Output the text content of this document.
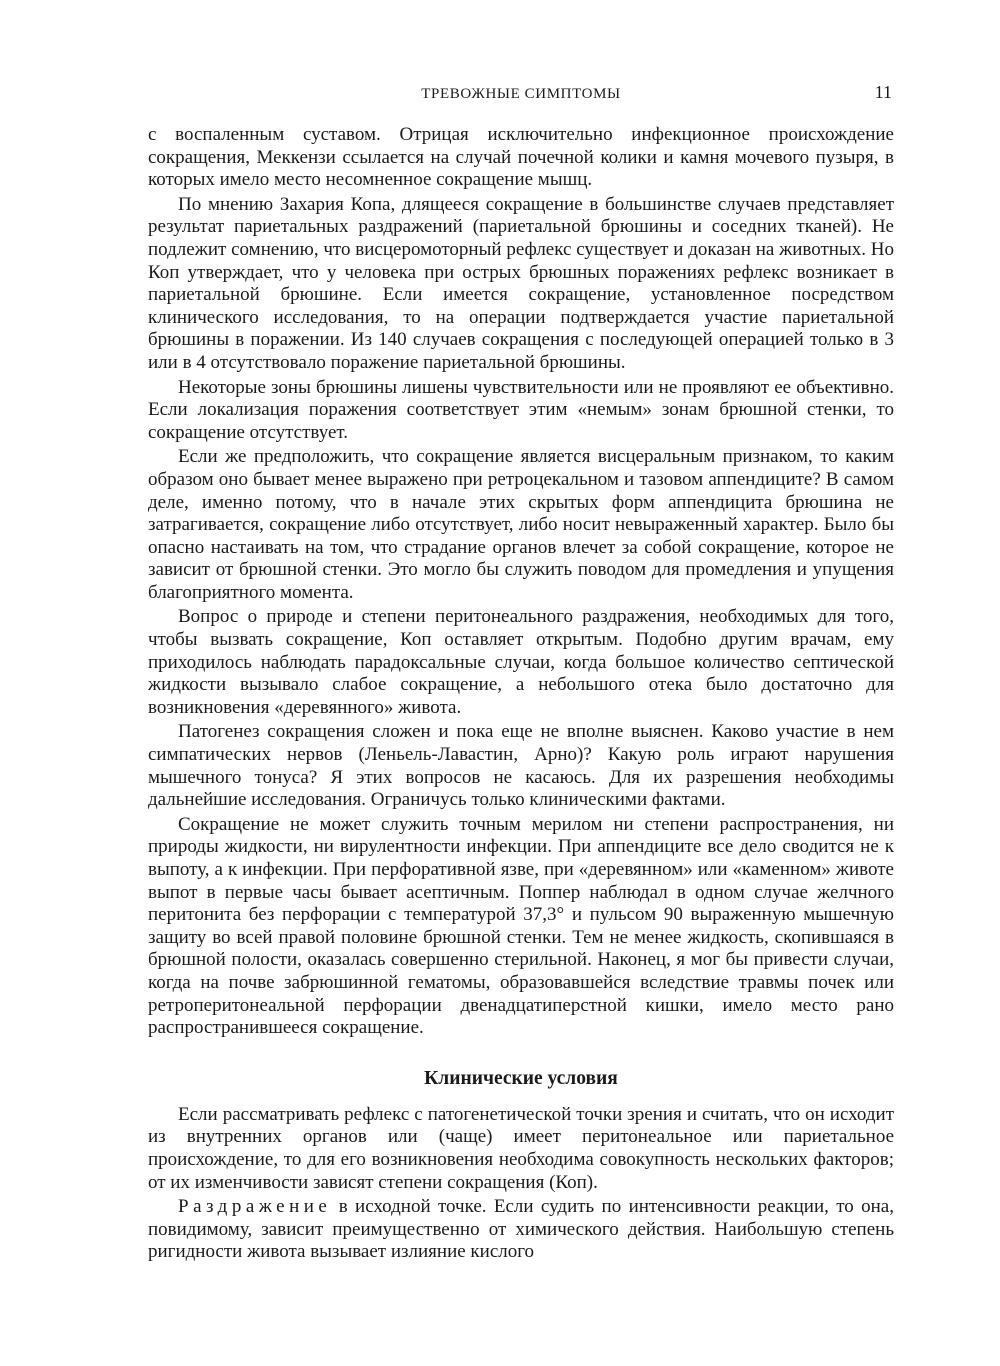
ТРЕВОЖНЫЕ СИМПТОМЫ	11

с воспаленным суставом. Отрицая исключительно инфекционное происхождение сокращения, Меккензи ссылается на случай почечной колики и камня мочевого пузыря, в которых имело место несомненное сокращение мышц.

По мнению Захария Копа, длящееся сокращение в большинстве случаев представляет результат париетальных раздражений (париетальной брюшины и соседних тканей). Не подлежит сомнению, что висцеромоторный рефлекс существует и доказан на животных. Но Коп утверждает, что у человека при острых брюшных поражениях рефлекс возникает в париетальной брюшине. Если имеется сокращение, установленное посредством клинического исследования, то на операции подтверждается участие париетальной брюшины в поражении. Из 140 случаев сокращения с последующей операцией только в 3 или в 4 отсутствовало поражение париетальной брюшины.

Некоторые зоны брюшины лишены чувствительности или не проявляют ее объективно. Если локализация поражения соответствует этим «немым» зонам брюшной стенки, то сокращение отсутствует.

Если же предположить, что сокращение является висцеральным признаком, то каким образом оно бывает менее выражено при ретроцекальном и тазовом аппендиците? В самом деле, именно потому, что в начале этих скрытых форм аппендицита брюшина не затрагивается, сокращение либо отсутствует, либо носит невыраженный характер. Было бы опасно настаивать на том, что страдание органов влечет за собой сокращение, которое не зависит от брюшной стенки. Это могло бы служить поводом для промедления и упущения благоприятного момента.

Вопрос о природе и степени перитонеального раздражения, необходимых для того, чтобы вызвать сокращение, Коп оставляет открытым. Подобно другим врачам, ему приходилось наблюдать парадоксальные случаи, когда большое количество септической жидкости вызывало слабое сокращение, а небольшого отека было достаточно для возникновения «деревянного» живота.

Патогенез сокращения сложен и пока еще не вполне выяснен. Каково участие в нем симпатических нервов (Леньель-Лавастин, Арно)? Какую роль играют нарушения мышечного тонуса? Я этих вопросов не касаюсь. Для их разрешения необходимы дальнейшие исследования. Ограничусь только клиническими фактами.

Сокращение не может служить точным мерилом ни степени распространения, ни природы жидкости, ни вирулентности инфекции. При аппендиците все дело сводится не к выпоту, а к инфекции. При перфоративной язве, при «деревянном» или «каменном» животе выпот в первые часы бывает асептичным. Поппер наблюдал в одном случае желчного перитонита без перфорации с температурой 37,3° и пульсом 90 выраженную мышечную защиту во всей правой половине брюшной стенки. Тем не менее жидкость, скопившаяся в брюшной полости, оказалась совершенно стерильной. Наконец, я мог бы привести случаи, когда на почве забрюшинной гематомы, образовавшейся вследствие травмы почек или ретроперитонеальной перфорации двенадцатиперстной кишки, имело место рано распространившееся сокращение.

Клинические условия

Если рассматривать рефлекс с патогенетической точки зрения и считать, что он исходит из внутренних органов или (чаще) имеет перитонеальное или париетальное происхождение, то для его возникновения необходима совокупность нескольких факторов; от их изменчивости зависят степени сокращения (Коп).

Раздражение в исходной точке. Если судить по интенсивности реакции, то она, повидимому, зависит преимущественно от химического действия. Наибольшую степень ригидности живота вызывает излияние кислого
